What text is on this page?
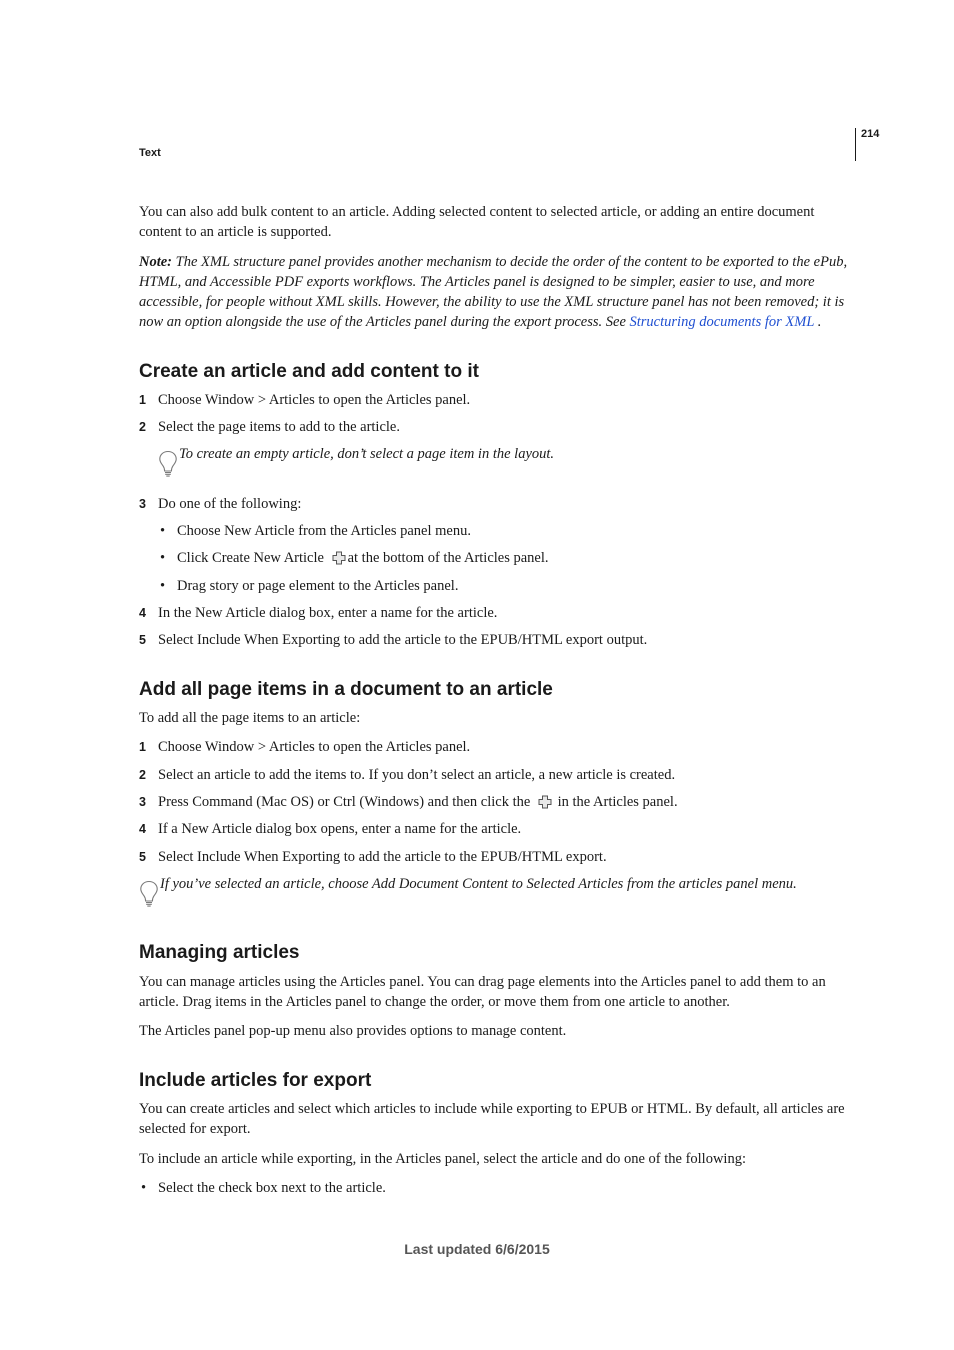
214
Text
You can also add bulk content to an article. Adding selected content to selected article, or adding an entire document content to an article is supported.
Note: The XML structure panel provides another mechanism to decide the order of the content to be exported to the ePub, HTML, and Accessible PDF exports workflows. The Articles panel is designed to be simpler, easier to use, and more accessible, for people without XML skills. However, the ability to use the XML structure panel has not been removed; it is now an option alongside the use of the Articles panel during the export process. See Structuring documents for XML .
Create an article and add content to it
1 Choose Window > Articles to open the Articles panel.
2 Select the page items to add to the article.
To create an empty article, don’t select a page item in the layout.
3 Do one of the following:
• Choose New Article from the Articles panel menu.
• Click Create New Article at the bottom of the Articles panel.
• Drag story or page element to the Articles panel.
4 In the New Article dialog box, enter a name for the article.
5 Select Include When Exporting to add the article to the EPUB/HTML export output.
Add all page items in a document to an article
To add all the page items to an article:
1 Choose Window > Articles to open the Articles panel.
2 Select an article to add the items to. If you don’t select an article, a new article is created.
3 Press Command (Mac OS) or Ctrl (Windows) and then click the  in the Articles panel.
4 If a New Article dialog box opens, enter a name for the article.
5 Select Include When Exporting to add the article to the EPUB/HTML export.
If you’ve selected an article, choose Add Document Content to Selected Articles from the articles panel menu.
Managing articles
You can manage articles using the Articles panel. You can drag page elements into the Articles panel to add them to an article. Drag items in the Articles panel to change the order, or move them from one article to another.
The Articles panel pop-up menu also provides options to manage content.
Include articles for export
You can create articles and select which articles to include while exporting to EPUB or HTML. By default, all articles are selected for export.
To include an article while exporting, in the Articles panel, select the article and do one of the following:
• Select the check box next to the article.
Last updated 6/6/2015
